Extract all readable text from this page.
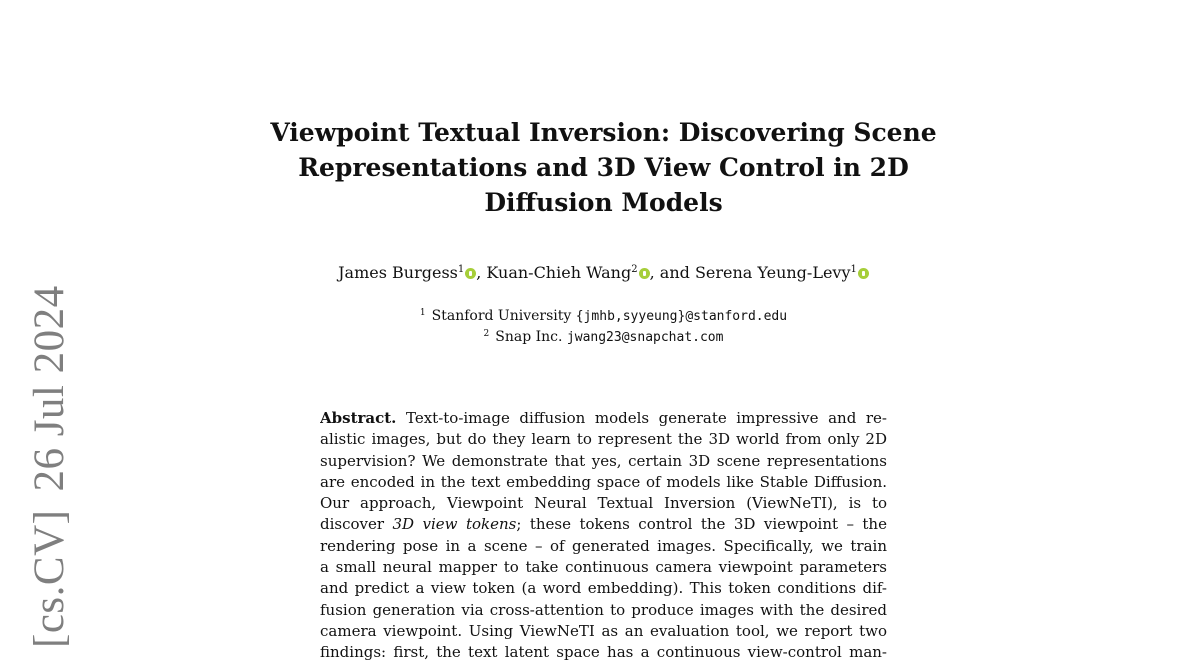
[cs.CV]26 Jul 2024
Viewpoint Textual Inversion: Discovering Scene
Representations and 3D View Control in 2D
Diffusion Models
James Burgess$^1$ , Kuan-Chieh Wang$^2$ , and Serena Yeung-Levy$^1$
$^1$ Stanford University {jmhb,syyeung}@stanford.edu
$^2$ Snap Inc. jwang23@snapchat.com
Abstract. Text-to-image diffusion models generate impressive and re-
alistic images, but do they learn to represent the 3D world from only 2D
supervision? We demonstrate that yes, certain 3D scene representations
are encoded in the text embedding space of models like Stable Diffusion.
Our approach, Viewpoint Neural Textual Inversion (ViewNeTI), is to
discover 3D view tokens; these tokens control the 3D viewpoint – the
rendering pose in a scene – of generated images. Specifically, we train
a small neural mapper to take continuous camera viewpoint parameters
and predict a view token (a word embedding). This token conditions dif-
fusion generation via cross-attention to produce images with the desired
camera viewpoint. Using ViewNeTI as an evaluation tool, we report two
findings: first, the text latent space has a continuous view-control man-
